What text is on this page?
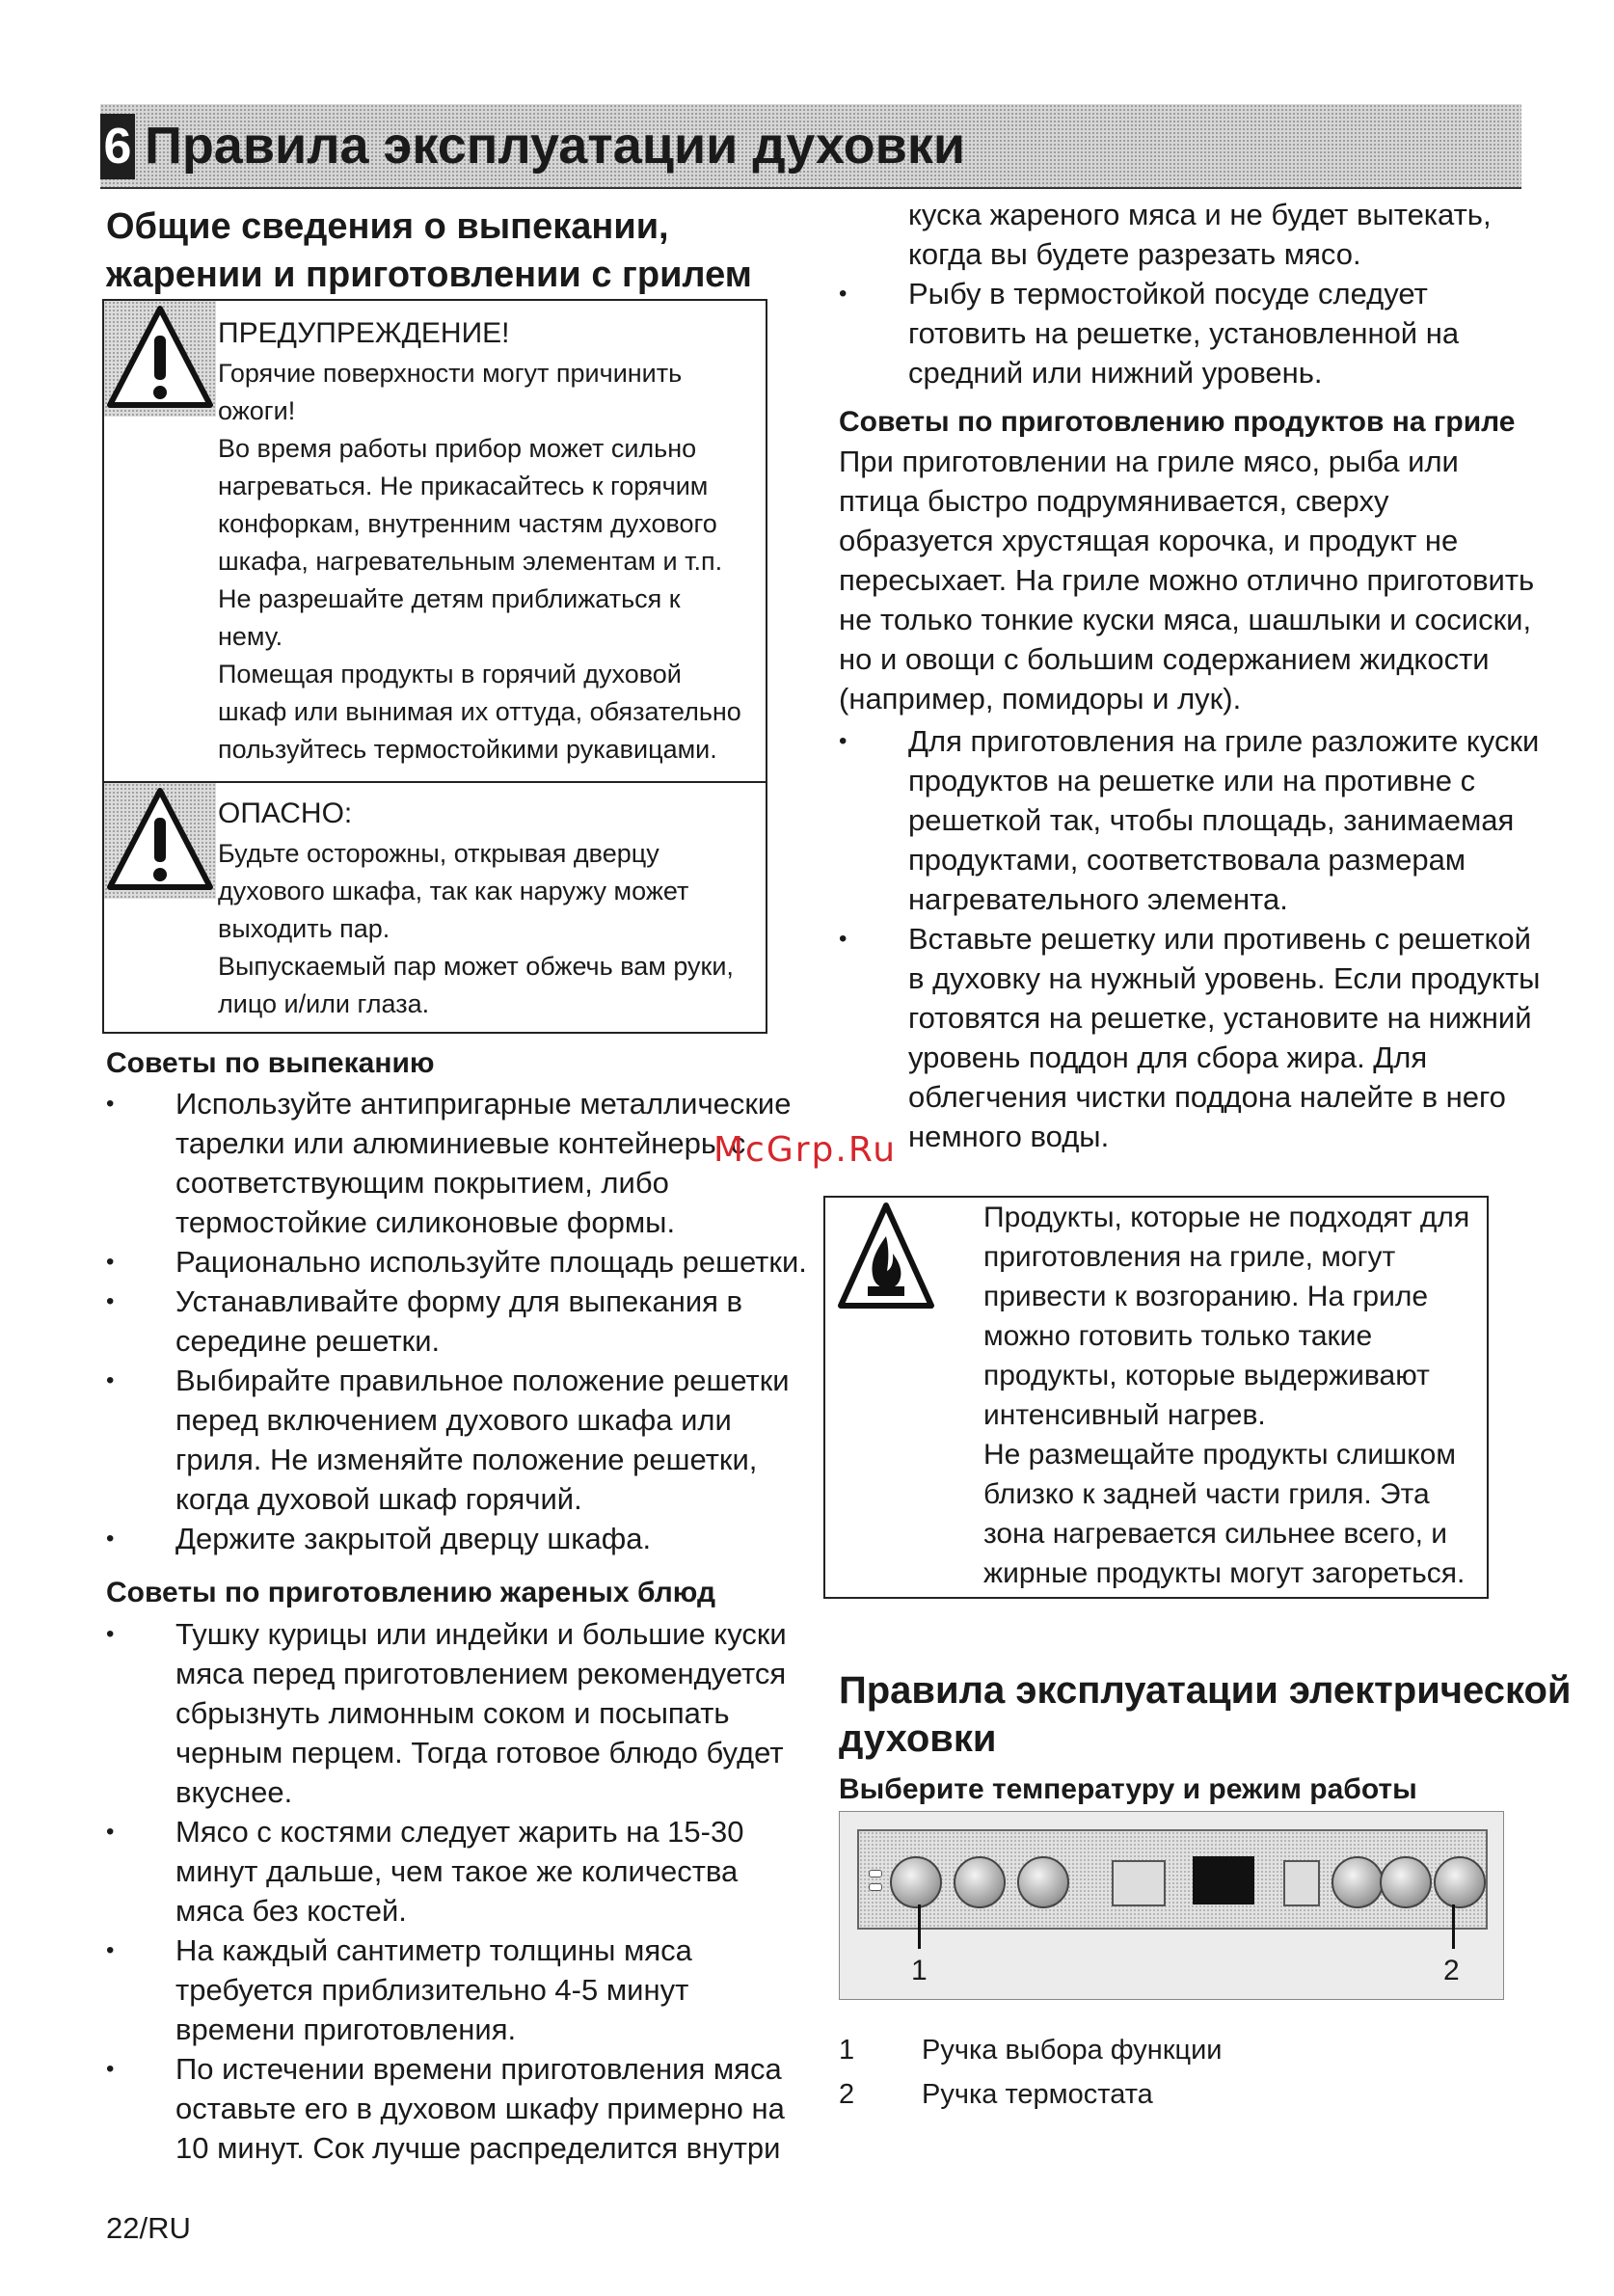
6 Правила эксплуатации духовки
Общие сведения о выпекании,
жарении и приготовлении с грилем
ПРЕДУПРЕЖДЕНИЕ!
Горячие поверхности могут причинить
ожоги!
Во время работы прибор может сильно
нагреваться. Не прикасайтесь к горячим
конфоркам, внутренним частям духового
шкафа, нагревательным элементам и т.п.
Не разрешайте детям приближаться к
нему.
Помещая продукты в горячий духовой
шкаф или вынимая их оттуда, обязательно
пользуйтесь термостойкими рукавицами.
ОПАСНО:
Будьте осторожны, открывая дверцу
духового шкафа, так как наружу может
выходить пар.
Выпускаемый пар может обжечь вам руки,
лицо и/или глаза.
Советы по выпеканию
• Используйте антипригарные металлические
тарелки или алюминиевые контейнеры с
соответствующим покрытием, либо
термостойкие силиконовые формы.
• Рационально используйте площадь решетки.
• Устанавливайте форму для выпекания в
середине решетки.
• Выбирайте правильное положение решетки
перед включением духового шкафа или
гриля. Не изменяйте положение решетки,
когда духовой шкаф горячий.
• Держите закрытой дверцу шкафа.
Советы по приготовлению жареных блюд
• Тушку курицы или индейки и большие куски
мяса перед приготовлением рекомендуется
сбрызнуть лимонным соком и посыпать
черным перцем. Тогда готовое блюдо будет
вкуснее.
• Мясо с костями следует жарить на 15-30
минут дальше, чем такое же количества
мяса без костей.
• На каждый сантиметр толщины мяса
требуется приблизительно 4-5 минут
времени приготовления.
• По истечении времени приготовления мяса
оставьте его в духовом шкафу примерно на
10 минут. Сок лучше распределится внутри
22/RU
куска жареного мяса и не будет вытекать,
когда вы будете разрезать мясо.
• Рыбу в термостойкой посуде следует
готовить на решетке, установленной на
средний или нижний уровень.
Советы по приготовлению продуктов на гриле
При приготовлении на гриле мясо, рыба или
птица быстро подрумянивается, сверху
образуется хрустящая корочка, и продукт не
пересыхает. На гриле можно отлично приготовить
не только тонкие куски мяса, шашлыки и сосиски,
но и овощи с большим содержанием жидкости
(например, помидоры и лук).
• Для приготовления на гриле разложите куски
продуктов на решетке или на противне с
решеткой так, чтобы площадь, занимаемая
продуктами, соответствовала размерам
нагревательного элемента.
• Вставьте решетку или противень с решеткой
в духовку на нужный уровень. Если продукты
готовятся на решетке, установите на нижний
уровень поддон для сбора жира. Для
облегчения чистки поддона налейте в него
немного воды.
Продукты, которые не подходят для
приготовления на гриле, могут
привести к возгоранию. На гриле
можно готовить только такие
продукты, которые выдерживают
интенсивный нагрев.
Не размещайте продукты слишком
близко к задней части гриля. Эта
зона нагревается сильнее всего, и
жирные продукты могут загореться.
Правила эксплуатации электрической
духовки
Выберите температуру и режим работы
1	2
1 Ручка выбора функции
2 Ручка термостата
McGrp.Ru
